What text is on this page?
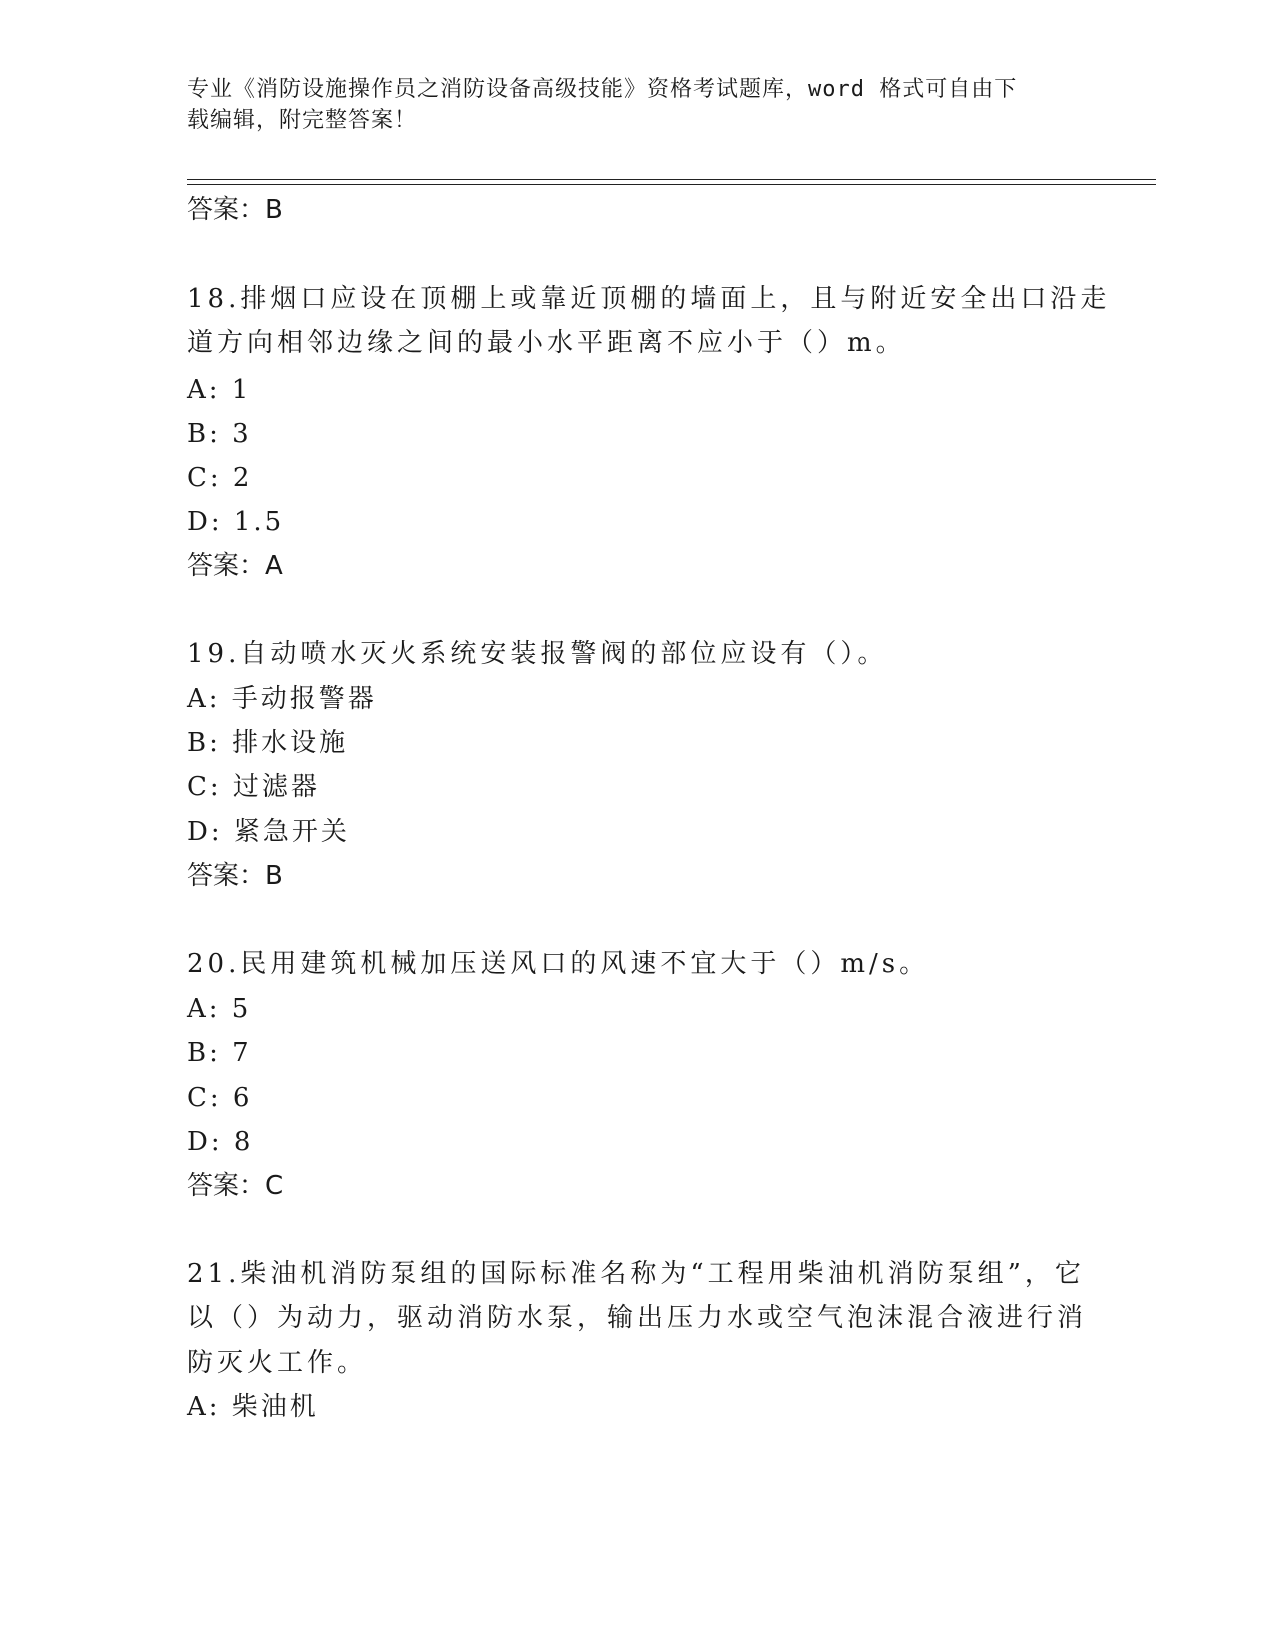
专业《消防设施操作员之消防设备高级技能》资格考试题库，word 格式可自由下
载编辑，附完整答案！
答案：B
18.排烟口应设在顶棚上或靠近顶棚的墙面上，且与附近安全出口沿走
道方向相邻边缘之间的最小水平距离不应小于（）m。
A: 1
B: 3
C: 2
D: 1.5
答案：A
19.自动喷水灭火系统安装报警阀的部位应设有（）。
A: 手动报警器
B: 排水设施
C: 过滤器
D: 紧急开关
答案：B
20.民用建筑机械加压送风口的风速不宜大于（）m/s。
A: 5
B: 7
C: 6
D: 8
答案：C
21.柴油机消防泵组的国际标准名称为“工程用柴油机消防泵组”，它
以（）为动力，驱动消防水泵，输出压力水或空气泡沫混合液进行消
防灭火工作。
A: 柴油机
